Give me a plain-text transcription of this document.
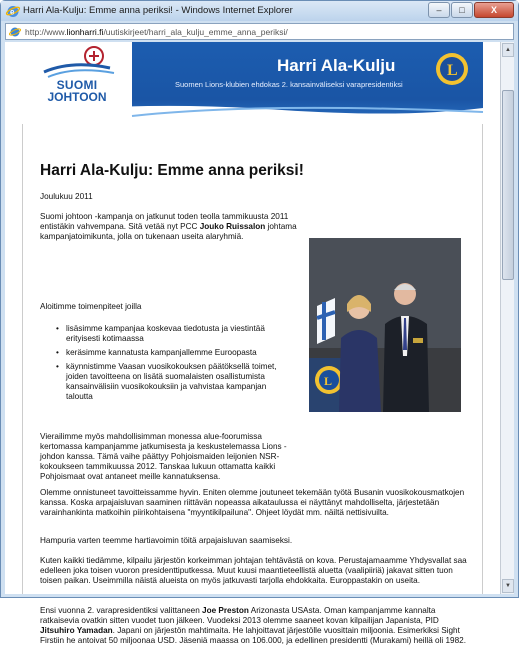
e Harri Ala-Kulju: Emme anna periksi! - Windows Internet Explorer	–	□	X
http://www.lionharri.fi/uutiskirjeet/harri_ala_kulju_emme_anna_periksi/
SUOMI
JOHTOON
Harri Ala-Kulju
Suomen Lions-klubien ehdokas 2. kansainväliseksi varapresidentiksi
L
Harri Ala-Kulju: Emme anna periksi!
Joulukuu 2011
Suomi johtoon -kampanja on jatkunut toden teolla tammikuusta 2011 entistäkin vahvempana. Sitä vetää nyt PCC Jouko Ruissalon johtama kampanjatoimikunta, jolla on tukenaan useita alaryhmiä.
Aloitimme toimenpiteet joilla
• lisäsimme kampanjaa koskevaa tiedotusta ja viestintää erityisesti kotimaassa
• keräsimme kannatusta kampanjallemme Euroopasta
• käynnistimme Vaasan vuosikokouksen päätöksellä toimet, joiden tavoitteena on lisätä suomalaisten osallistumista kansainvälisiin vuosikokouksiin ja vahvistaa kampanjan taloutta
Vierailimme myös mahdollisimman monessa alue-foorumissa kertomassa kampanjamme jatkumisesta ja keskustelemassa Lions -johdon kanssa. Tämä vaihe päättyy Pohjoismaiden leijonien NSR-kokoukseen tammikuussa 2012. Tanskaa lukuun ottamatta kaikki Pohjoismaat ovat antaneet meille kannatuksensa.
Olemme onnistuneet tavoitteissamme hyvin. Eniten olemme joutuneet tekemään työtä Busanin vuosikokousmatkojen kanssa. Koska arpajaisluvan saaminen riittävän nopeassa aikataulussa ei näyttänyt mahdolliselta, järjestetään varainhankinta matkoihin piirikohtaisena "myyntikilpailuna". Ohjeet löydät mm. näiltä nettisivuilta.
Hampuria varten teemme hartiavoimin töitä arpajaisluvan saamiseksi.
Kuten kaikki tiedämme, kilpailu järjestön korkeimman johtajan tehtävästä on kova. Perustajamaamme Yhdysvallat saa edelleen joka toisen vuoron presidenttiputkessa. Muut kuusi maantieteellistä aluetta (vaalipiiriä) jakavat sitten tuon toisen paikan. Useimmilla näistä alueista on myös jatkuvasti tarjolla ehdokkaita. Europpastakin on useita.
Ensi vuonna 2. varapresidentiksi valittaneen Joe Preston Arizonasta USAsta. Oman kampanjamme kannalta ratkaisevia ovatkin sitten vuodet tuon jälkeen. Vuodeksi 2013 olemme saaneet kovan kilpailijan Japanista, PID Jitsuhiro Yamadan. Japani on järjestön mahtimaita. He lahjoittavat järjestölle vuosittain miljoonia. Esimerkiksi Sight Firstiin he antoivat 50 miljoonaa USD. Jäseniä maassa on 106.000, ja edellinen presidentti (Murakami) heillä oli 1982.
L
▲
▼
